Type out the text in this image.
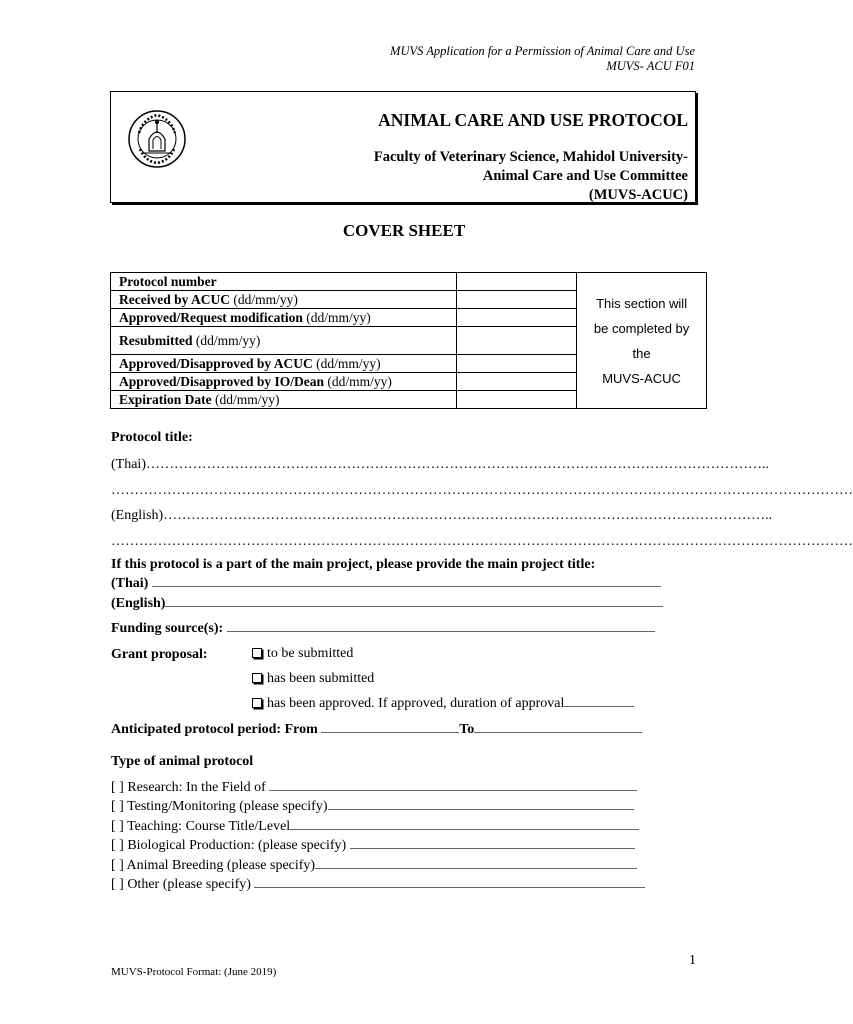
MUVS Application for a Permission of Animal Care and Use
MUVS- ACU F01
ANIMAL CARE AND USE PROTOCOL
Faculty of Veterinary Science, Mahidol University-
Animal Care and Use Committee
(MUVS-ACUC)
COVER SHEET
Protocol number		This section will
be completed by
the
MUVS-ACUC

Received by ACUC (dd/mm/yy)		
Approved/Request modification (dd/mm/yy)		
Resubmitted (dd/mm/yy)		
Approved/Disapproved by ACUC (dd/mm/yy)		
Approved/Disapproved by IO/Dean (dd/mm/yy)		
Expiration Date (dd/mm/yy)		
Protocol title:
(Thai)……………………………………………………………………………………………………………………..
……………………………………………………………………………………………………………………………………………
(English)…………………………………………………………………………………………………………………..
……………………………………………………………………………………………………………………………………………
If this protocol is a part of the main project, please provide the main project title:
(Thai)
(English)
Funding source(s):
Grant proposal:	to be submitted
has been submitted
has been approved. If approved, duration of approval
Anticipated protocol period: From	To
Type of animal protocol
[ ] Research: In the Field of
[ ] Testing/Monitoring (please specify)
[ ] Teaching: Course Title/Level
[ ] Biological Production: (please specify)
[ ] Animal Breeding (please specify)
[ ] Other (please specify)
1
MUVS-Protocol Format: (June 2019)
